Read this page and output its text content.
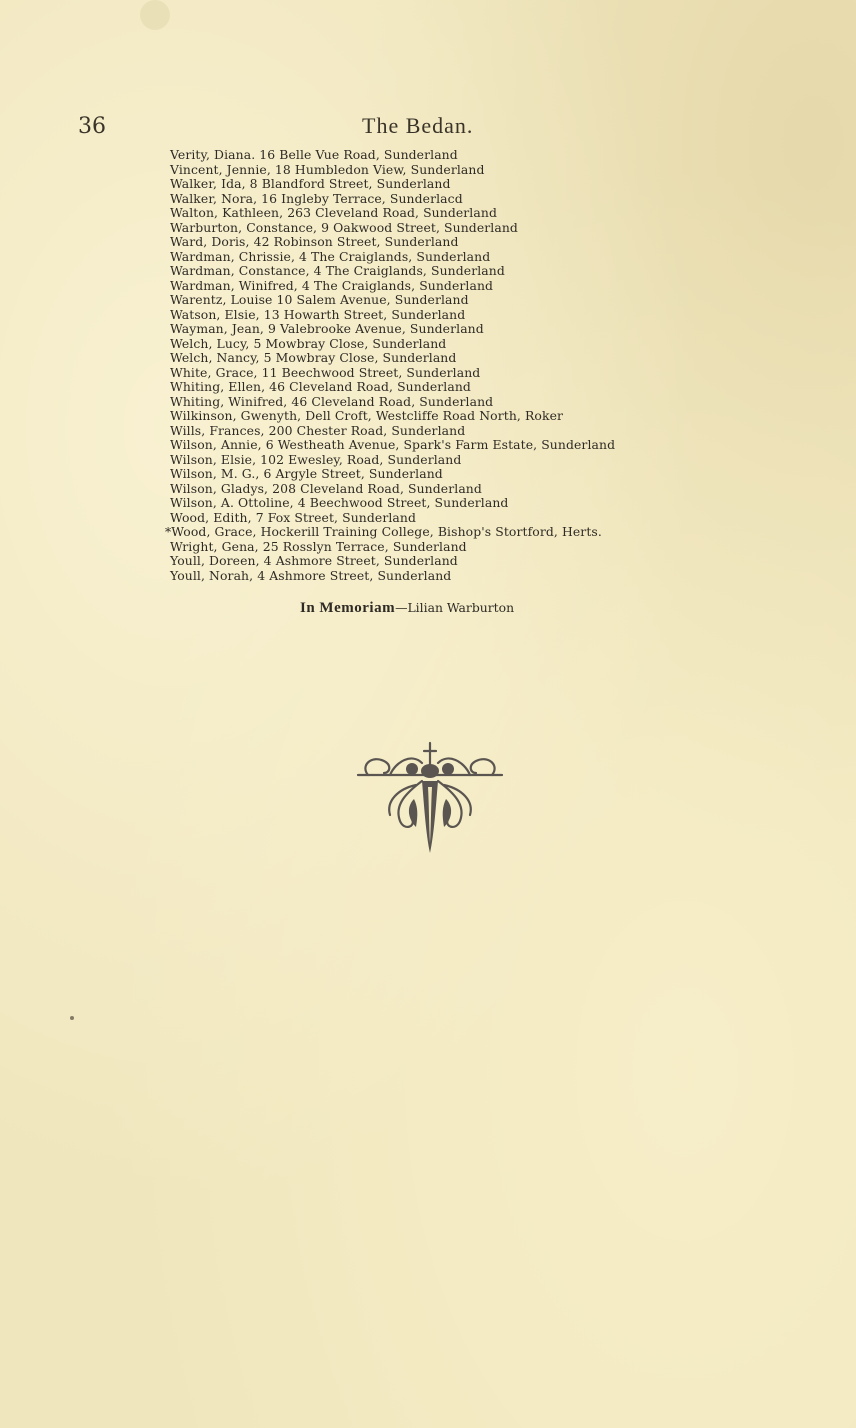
36	The Bedan.
Verity, Diana. 16 Belle Vue Road, Sunderland
Vincent, Jennie, 18 Humbledon View, Sunderland
Walker, Ida, 8 Blandford Street, Sunderland
Walker, Nora, 16 Ingleby Terrace, Sunderlacd
Walton, Kathleen, 263 Cleveland Road, Sunderland
Warburton, Constance, 9 Oakwood Street, Sunderland
Ward, Doris, 42 Robinson Street, Sunderland
Wardman, Chrissie, 4 The Craiglands, Sunderland
Wardman, Constance, 4 The Craiglands, Sunderland
Wardman, Winifred, 4 The Craiglands, Sunderland
Warentz, Louise 10 Salem Avenue, Sunderland
Watson, Elsie, 13 Howarth Street, Sunderland
Wayman, Jean, 9 Valebrooke Avenue, Sunderland
Welch, Lucy, 5 Mowbray Close, Sunderland
Welch, Nancy, 5 Mowbray Close, Sunderland
White, Grace, 11 Beechwood Street, Sunderland
Whiting, Ellen, 46 Cleveland Road, Sunderland
Whiting, Winifred, 46 Cleveland Road, Sunderland
Wilkinson, Gwenyth, Dell Croft, Westcliffe Road North, Roker
Wills, Frances, 200 Chester Road, Sunderland
Wilson, Annie, 6 Westheath Avenue, Spark's Farm Estate, Sunderland
Wilson, Elsie, 102 Ewesley, Road, Sunderland
Wilson, M. G., 6 Argyle Street, Sunderland
Wilson, Gladys, 208 Cleveland Road, Sunderland
Wilson, A. Ottoline, 4 Beechwood Street, Sunderland
Wood, Edith, 7 Fox Street, Sunderland
*Wood, Grace, Hockerill Training College, Bishop's Stortford, Herts.
Wright, Gena, 25 Rosslyn Terrace, Sunderland
Youll, Doreen, 4 Ashmore Street, Sunderland
Youll, Norah, 4 Ashmore Street, Sunderland
In Memoriam—Lilian Warburton
